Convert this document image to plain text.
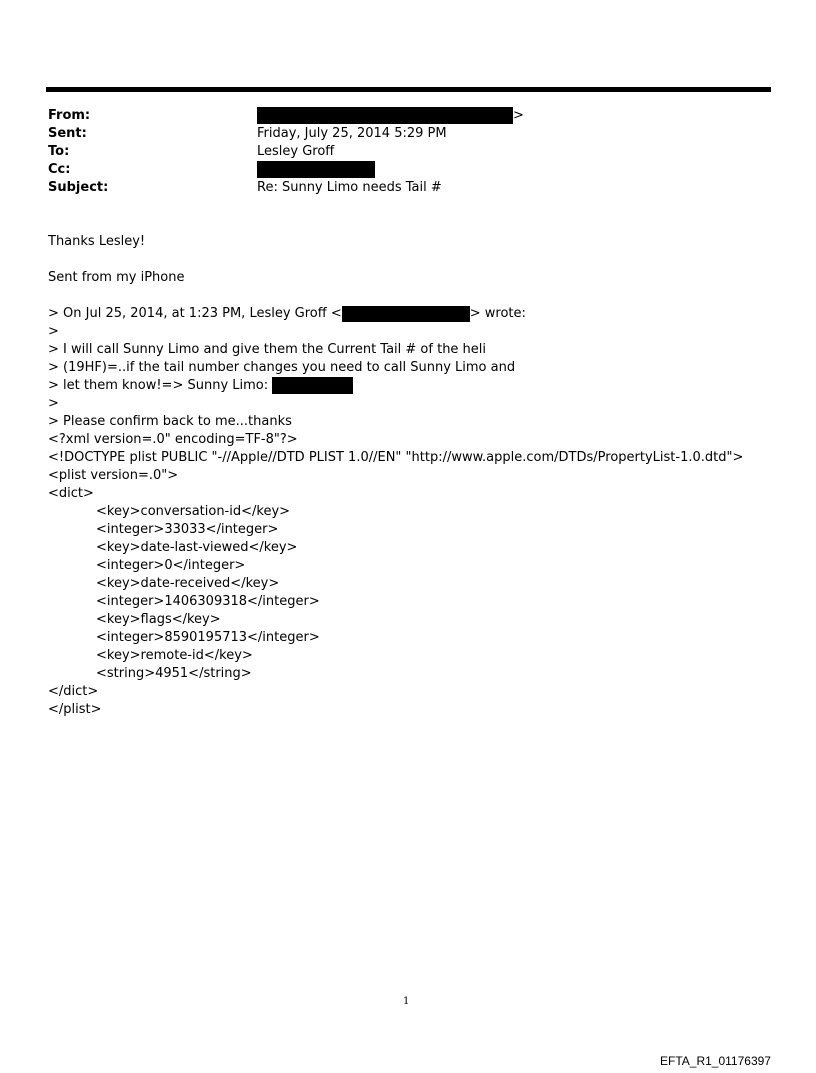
From:
Sent:
To:
Cc:
Subject:
>
Friday, July 25, 2014 5:29 PM
Lesley Groff
Re: Sunny Limo needs Tail #
Thanks Lesley!
Sent from my iPhone
> On Jul 25, 2014, at 1:23 PM, Lesley Groff <	> wrote:
>
> I will call Sunny Limo and give them the Current Tail # of the heli
> (19HF)=..if the tail number changes you need to call Sunny Limo and
> let them know!=> Sunny Limo:
>
> Please confirm back to me...thanks
<?xml version=.0" encoding=TF-8"?>
<!DOCTYPE plist PUBLIC "-//Apple//DTD PLIST 1.0//EN" "http://www.apple.com/DTDs/PropertyList-1.0.dtd">
<plist version=.0">
<dict>
<key>conversation-id</key>
<integer>33033</integer>
<key>date-last-viewed</key>
<integer>0</integer>
<key>date-received</key>
<integer>1406309318</integer>
<key>flags</key>
<integer>8590195713</integer>
<key>remote-id</key>
<string>4951</string>
</dict>
</plist>
1
EFTA_R1_01176397
